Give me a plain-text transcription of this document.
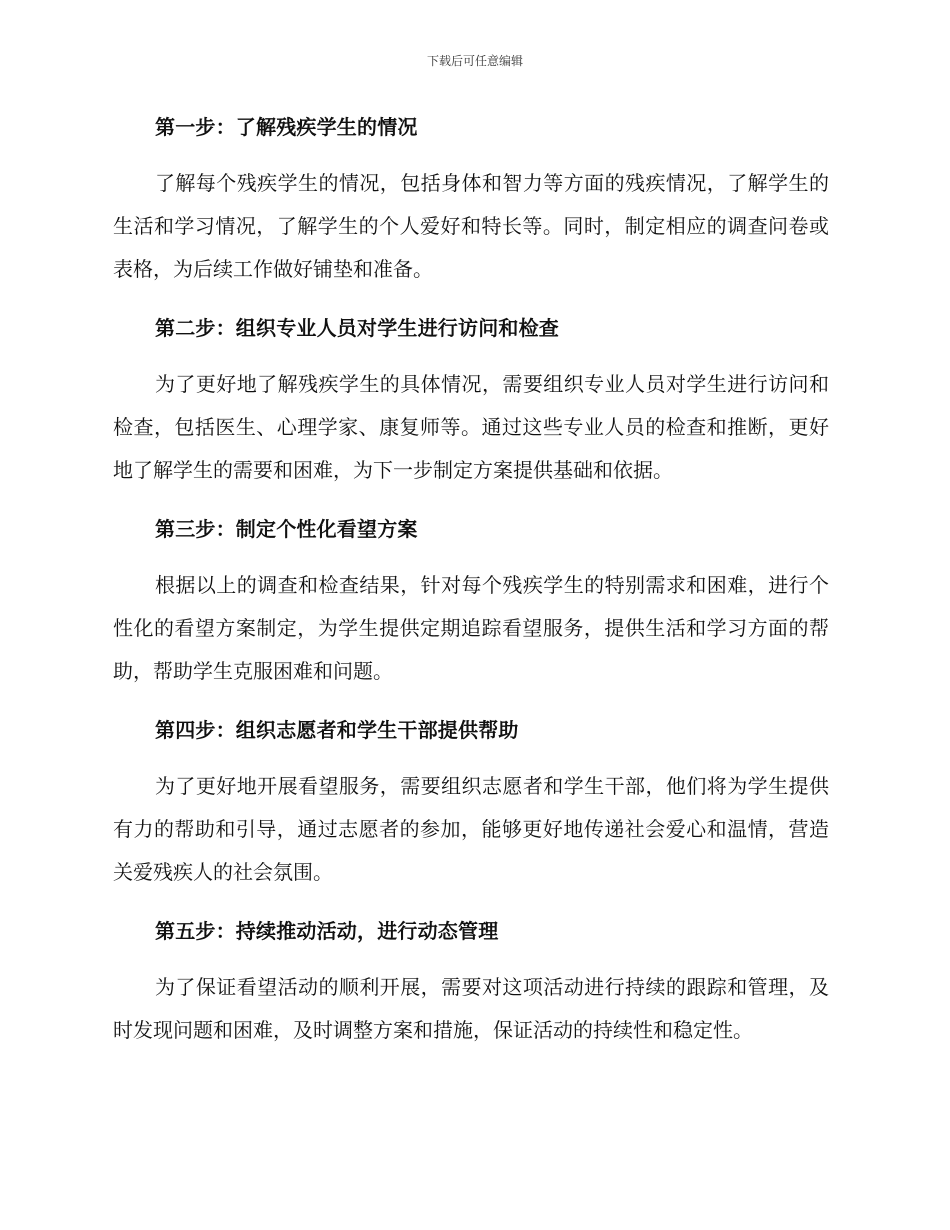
下载后可任意编辑
第一步：了解残疾学生的情况

了解每个残疾学生的情况，包括身体和智力等方面的残疾情况，了解学生的生活和学习情况，了解学生的个人爱好和特长等。同时，制定相应的调查问卷或表格，为后续工作做好铺垫和准备。

第二步：组织专业人员对学生进行访问和检查

为了更好地了解残疾学生的具体情况，需要组织专业人员对学生进行访问和检查，包括医生、心理学家、康复师等。通过这些专业人员的检查和推断，更好地了解学生的需要和困难，为下一步制定方案提供基础和依据。

第三步：制定个性化看望方案

根据以上的调查和检查结果，针对每个残疾学生的特别需求和困难，进行个性化的看望方案制定，为学生提供定期追踪看望服务，提供生活和学习方面的帮助，帮助学生克服困难和问题。

第四步：组织志愿者和学生干部提供帮助

为了更好地开展看望服务，需要组织志愿者和学生干部，他们将为学生提供有力的帮助和引导，通过志愿者的参加，能够更好地传递社会爱心和温情，营造关爱残疾人的社会氛围。

第五步：持续推动活动，进行动态管理

为了保证看望活动的顺利开展，需要对这项活动进行持续的跟踪和管理，及时发现问题和困难，及时调整方案和措施，保证活动的持续性和稳定性。
